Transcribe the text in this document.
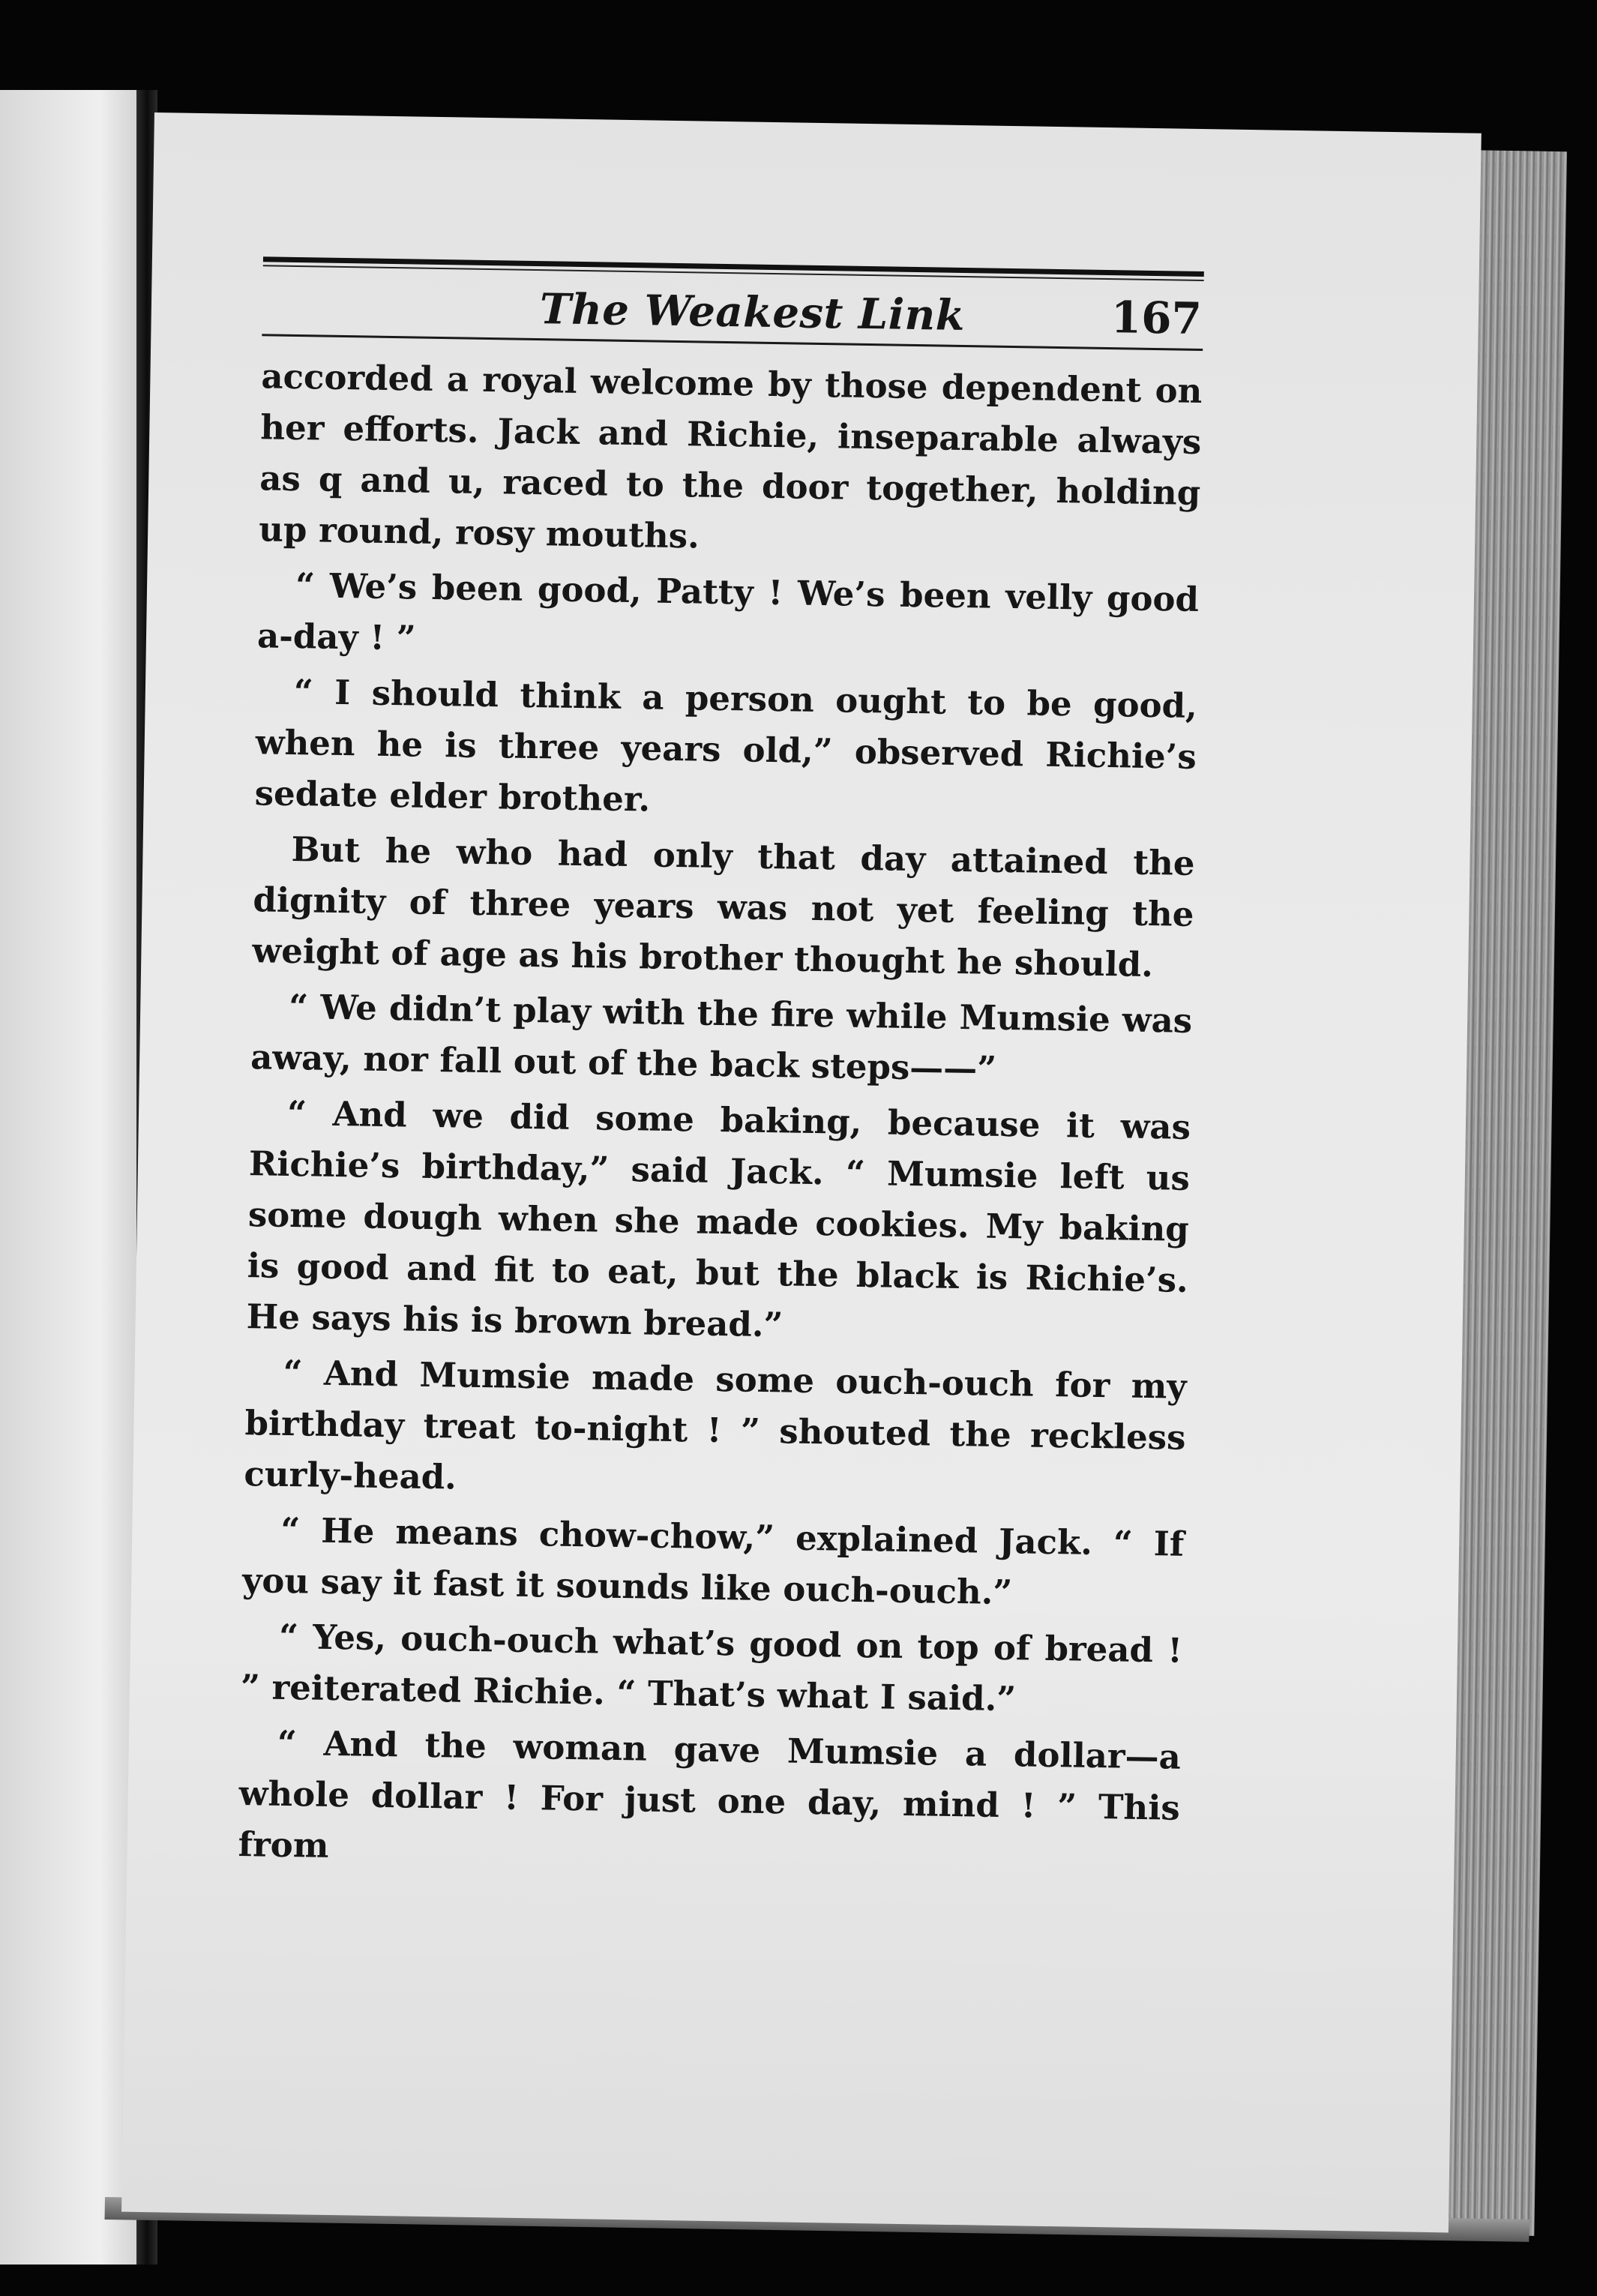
The Weakest Link	167

accorded a royal welcome by those dependent on her efforts. Jack and Richie, inseparable always as q and u, raced to the door together, holding up round, rosy mouths.

“ We’s been good, Patty ! We’s been velly good a-day ! ”

“ I should think a person ought to be good, when he is three years old,” observed Richie’s sedate elder brother.

But he who had only that day attained the dignity of three years was not yet feeling the weight of age as his brother thought he should.

“ We didn’t play with the fire while Mumsie was away, nor fall out of the back steps——”

“ And we did some baking, because it was Richie’s birthday,” said Jack. “ Mumsie left us some dough when she made cookies. My baking is good and fit to eat, but the black is Richie’s. He says his is brown bread.”

“ And Mumsie made some ouch-ouch for my birthday treat to-night ! ” shouted the reckless curly-head.

“ He means chow-chow,” explained Jack. “ If you say it fast it sounds like ouch-ouch.”

“ Yes, ouch-ouch what’s good on top of bread ! ” reiterated Richie. “ That’s what I said.”

“ And the woman gave Mumsie a dollar—a whole dollar ! For just one day, mind ! ” This from
